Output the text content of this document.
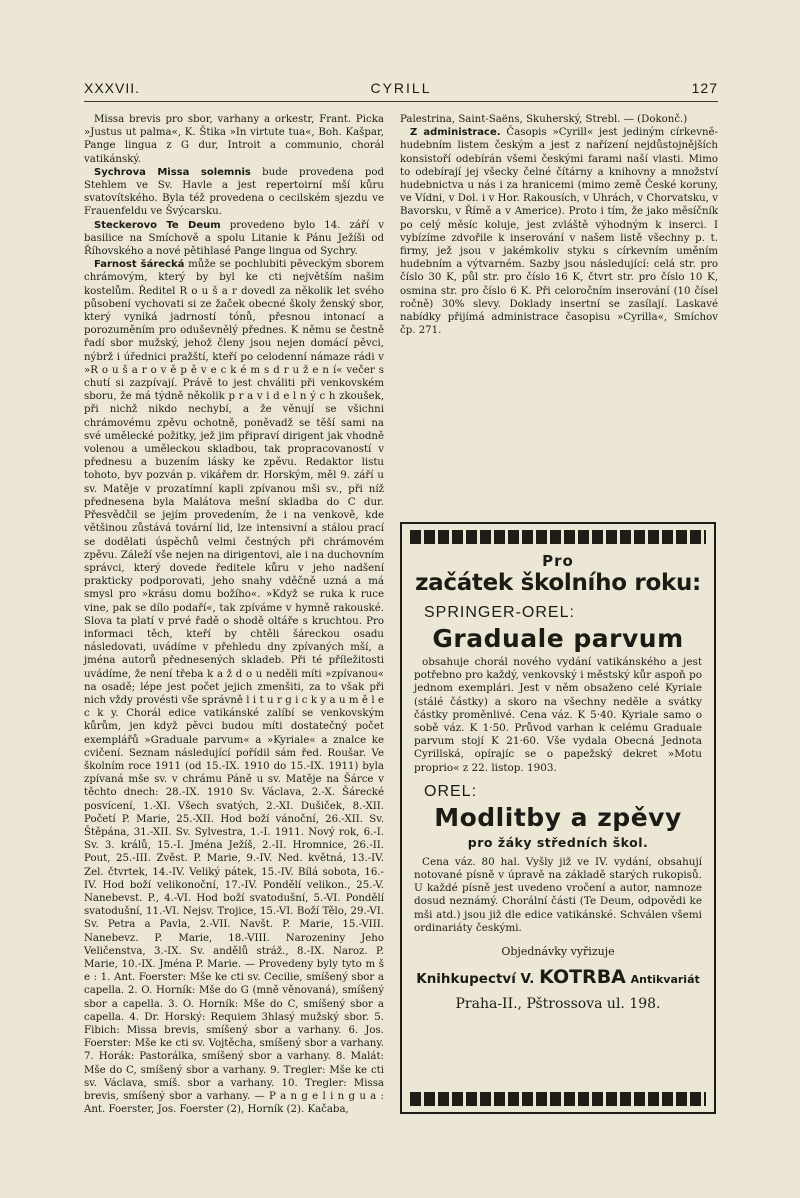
XXXVII.	CYRILL	127

Missa brevis pro sbor, varhany a orkestr, Frant. Picka »Justus ut palma«, K. Štika »In virtute tua«, Boh. Kašpar, Pange lingua z G dur, Introit a communio, chorál vatikánský.

Sychrova Missa solemnis bude provedena pod Stehlem ve Sv. Havle a jest repertoirní mší kůru svatovítského. Byla též provedena o cecilském sjezdu ve Frauenfeldu ve Švýcarsku.

Steckerovo Te Deum provedeno bylo 14. září v basilice na Smíchově a spolu Litanie k Pánu Ježíši od Říhovského a nové pětihlasé Pange lingua od Sychry.

Farnost šárecká může se pochlubiti pěveckým sborem chrámovým, který by byl ke cti největším našim kostelům. Ředitel R o u š a r dovedl za několik let svého působení vychovati si ze žaček obecné školy ženský sbor, který vyniká jadrností tónů, přesnou intonací a porozuměním pro oduševnělý přednes. K němu se čestně řadí sbor mužský, jehož členy jsou nejen domácí pěvci, nýbrž i úřednici pražští, kteří po celodenní námaze rádi v »R o u š a r o v ě p ě v e c k é m s d r u ž e n í« večer s chutí si zazpívají. Právě to jest chváliti při venkovském sboru, že má týdně několik p r a v i d e l n ý c h zkoušek, při nichž nikdo nechybí, a že věnují se všichni chrámovému zpěvu ochotně, poněvadž se těší sami na své umělecké požitky, jež jim připraví dirigent jak vhodně volenou a uměleckou skladbou, tak propracovaností v přednesu a buzením lásky ke zpěvu. Redaktor listu tohoto, byv pozván p. vikářem dr. Horským, měl 9. září u sv. Matěje v prozatímní kapli zpívanou mši sv., při níž přednesena byla Malátova mešní skladba do C dur. Přesvědčil se jejím provedením, že i na venkově, kde většinou zůstává tovární lid, lze intensivní a stálou prací se dodělati úspěchů velmi čestných při chrámovém zpěvu. Záleží vše nejen na dirigentovi, ale i na duchovním správci, který dovede ředitele kůru v jeho nadšení prakticky podporovati, jeho snahy vděčně uzná a má smysl pro »krásu domu božího«. »Když se ruka k ruce vine, pak se dílo podaří«, tak zpíváme v hymně rakouské. Slova ta platí v prvé řadě o shodě oltáře s kruchtou. Pro informaci těch, kteří by chtěli šáreckou osadu následovati, uvádíme v přehledu dny zpívaných mší, a jména autorů přednesených skladeb. Při té příležitosti uvádíme, že není třeba k a ž d o u neděli míti »zpívanou« na osadě; lépe jest počet jejich zmenšiti, za to však při nich vždy provésti vše správně l i t u r g i c k y a u m ě l e c k y. Chorál edice vatikánské zalíbí se venkovským kůrům, jen když pěvci budou míti dostatečný počet exemplářů »Graduale parvum« a »Kyriale« a znalce ke cvičení. Seznam následující pořídil sám řed. Roušar. Ve školním roce 1911 (od 15.-IX. 1910 do 15.-IX. 1911) byla zpívaná mše sv. v chrámu Páně u sv. Matěje na Šárce v těchto dnech: 28.-IX. 1910 Sv. Václava, 2.-X. Šárecké posvícení, 1.-XI. Všech svatých, 2.-XI. Dušiček, 8.-XII. Početí P. Marie, 25.-XII. Hod boží vánoční, 26.-XII. Sv. Štěpána, 31.-XII. Sv. Sylvestra, 1.-I. 1911. Nový rok, 6.-I. Sv. 3. králů, 15.-I. Jména Ježíš, 2.-II. Hromnice, 26.-II. Pout, 25.-III. Zvěst. P. Marie, 9.-IV. Ned. květná, 13.-IV. Zel. čtvrtek, 14.-IV. Veliký pátek, 15.-IV. Bílá sobota, 16.-IV. Hod boží velikonoční, 17.-IV. Pondělí velikon., 25.-V. Nanebevst. P., 4.-VI. Hod boží svatodušní, 5.-VI. Pondělí svatodušní, 11.-VI. Nejsv. Trojice, 15.-VI. Boží Tělo, 29.-VI. Sv. Petra a Pavla, 2.-VII. Navšt. P. Marie, 15.-VIII. Nanebevz. P. Marie, 18.-VIII. Narozeniny Jeho Veličenstva, 3.-IX. Sv. andělů stráž., 8.-IX. Naroz. P. Marie, 10.-IX. Jména P. Marie. — Provedeny byly tyto m š e : 1. Ant. Foerster: Mše ke cti sv. Cecilie, smíšený sbor a capella. 2. O. Horník: Mše do G (mně věnovaná), smíšený sbor a capella. 3. O. Horník: Mše do C, smíšený sbor a capella. 4. Dr. Horský: Requiem 3hlasý mužský sbor. 5. Fibich: Missa brevis, smíšený sbor a varhany. 6. Jos. Foerster: Mše ke cti sv. Vojtěcha, smíšený sbor a varhany. 7. Horák: Pastorálka, smíšený sbor a varhany. 8. Malát: Mše do C, smíšený sbor a varhany. 9. Tregler: Mše ke cti sv. Václava, smíš. sbor a varhany. 10. Tregler: Missa brevis, smíšený sbor a varhany. — P a n g e l i n g u a : Ant. Foerster, Jos. Foerster (2), Horník (2). Kačaba,

Palestrina, Saint-Saëns, Skuherský, Strebl. — (Dokonč.)

Z administrace. Časopis »Cyrill« jest jediným církevně-hudebním listem českým a jest z nařízení nejdůstojnějších konsistoří odebírán všemi českými farami naší vlasti. Mimo to odebírají jej všecky čelné čítárny a knihovny a množství hudebnictva u nás i za hranicemi (mimo země České koruny, ve Vídni, v Dol. i v Hor. Rakousích, v Uhrách, v Chorvatsku, v Bavorsku, v Římě a v Americe). Proto i tím, že jako měsíčník po celý měsíc koluje, jest zvláště výhodným k inserci. I vybízíme zdvořile k inserování v našem listě všechny p. t. firmy, jež jsou v jakémkoliv styku s církevním uměním hudebním a výtvarném. Sazby jsou následující: celá str. pro číslo 30 K, půl str. pro číslo 16 K, čtvrt str. pro číslo 10 K, osmina str. pro číslo 6 K. Při celoročním inserování (10 čísel ročně) 30% slevy. Doklady insertní se zasílají. Laskavé nabídky přijímá administrace časopisu »Cyrilla«, Smíchov čp. 271.

Pro
začátek školního roku:
SPRINGER-OREL:
Graduale parvum

obsahuje chorál nového vydání vatikánského a jest potřebno pro každý, venkovský i městský kůr aspoň po jednom exemplári. Jest v něm obsaženo celé Kyriale (stálé částky) a skoro na všechny neděle a svátky částky proměnlivé. Cena váz. K 5·40. Kyriale samo o sobě váz. K 1·50. Průvod varhan k celému Graduale parvum stojí K 21·60. Vše vydala Obecná Jednota Cyrillská, opírajíc se o papežský dekret »Motu proprio« z 22. listop. 1903.

OREL:
Modlitby a zpěvy
pro žáky středních škol.

Cena váz. 80 hal. Vyšly již ve IV. vydání, obsahují notované písně v úpravě na základě starých rukopisů. U každé písně jest uvedeno vročení a autor, namnoze dosud neznámý. Chorální části (Te Deum, odpovědi ke mši atd.) jsou již dle edice vatikánské. Schválen všemi ordinariáty českými.

Objednávky vyřizuje
Knihkupectví V. KOTRBA Antikvariát
Praha-II., Pštrossova ul. 198.
